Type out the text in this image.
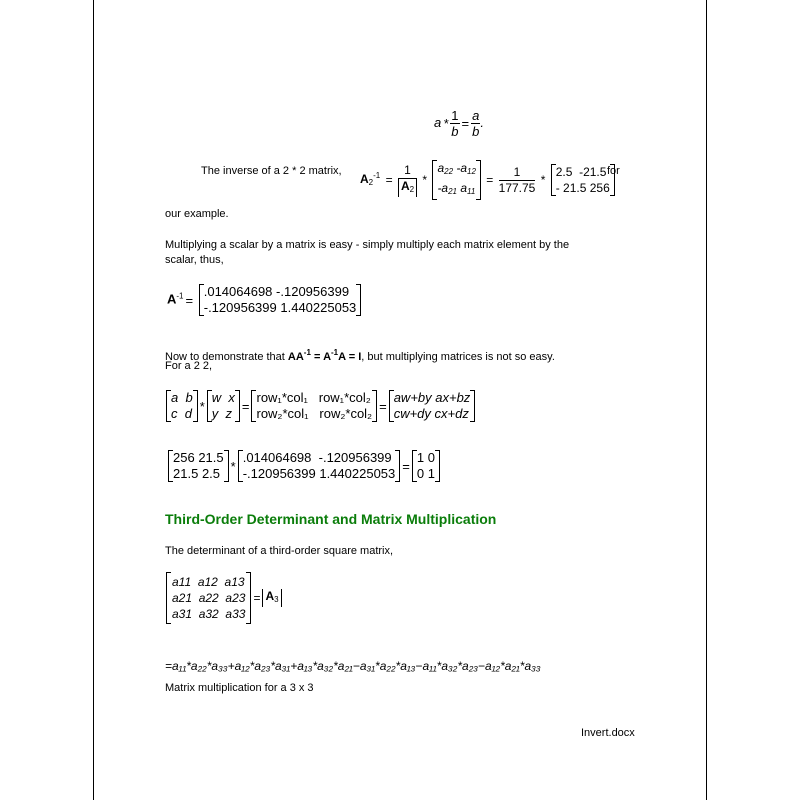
$a * \frac{1}{b} = \frac{a}{b}$ .
The inverse of a 2 * 2 matrix,
$A_2^{-1} = \frac{1}{A_2}$ *
$a_{22}$ $-a_{12}$
$-a_{21}$ $a_{11}$
= $\frac{1}{177.75}$ *
2.5 -21.5
- 21.5 256
for
our example.
Multiplying a scalar by a matrix is easy - simply multiply each matrix element by the
scalar, thus,
$A^{-1}$ =
.014064698 -.120956399
-.120956399 1.440225053
Now to demonstrate that $AA^{-1} = A^{-1}A = I$, but multiplying matrices is not so easy.
For a 2 2,
a b
c d *
w x
y z =
row₁*col₁ row₁*col₂
row₂*col₁ row₂*col₂ =
aw+by ax+bz
cw+dy cx+dz
256 21.5
21.5 2.5 *
.014064698 -.120956399
-.120956399 1.440225053 =
1 0
0 1
Third-Order Determinant and Matrix Multiplication
The determinant of a third-order square matrix,
a11 a12 a13
a21 a22 a23
a31 a32 a33
= $A_3$
=a₁₁*a₂₂*a₃₃+a₁₂*a₂₃*a₃₁+a₁₃*a₃₂*a₂₁−a₃₁*a₂₂*a₁₃−a₁₁*a₃₂*a₂₃−a₁₂*a₂₁*a₃₃
Matrix multiplication for a 3 x 3
Invert.docx
